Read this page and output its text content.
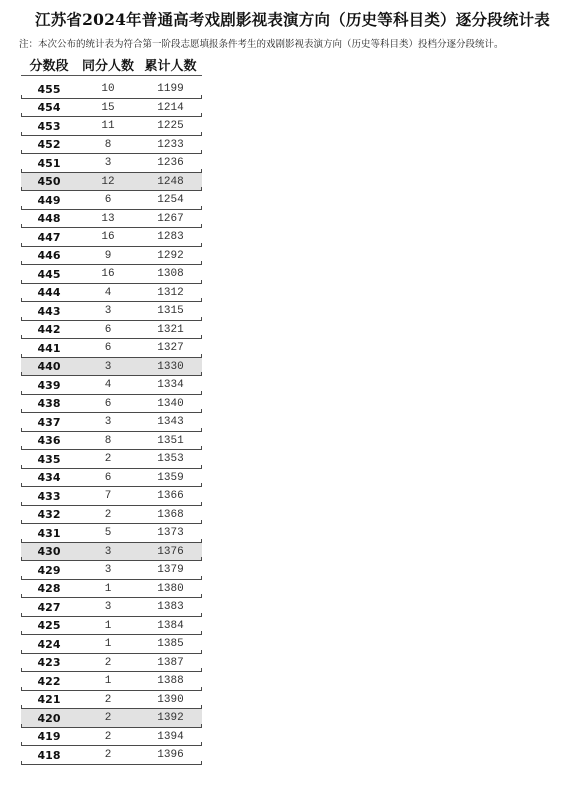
江苏省2024年普通高考戏剧影视表演方向（历史等科目类）逐分段统计表
注：本次公布的统计表为符合第一阶段志愿填报条件考生的戏剧影视表演方向（历史等科目类）投档分逐分段统计。
分数段	同分人数 累计人数
455	10	1199
454	15	1214
453	11	1225
452	8	1233
451	3	1236
450	12	1248
449	6	1254
448	13	1267
447	16	1283
446	9	1292
445	16	1308
444	4	1312
443	3	1315
442	6	1321
441	6	1327
440	3	1330
439	4	1334
438	6	1340
437	3	1343
436	8	1351
435	2	1353
434	6	1359
433	7	1366
432	2	1368
431	5	1373
430	3	1376
429	3	1379
428	1	1380
427	3	1383
425	1	1384
424	1	1385
423	2	1387
422	1	1388
421	2	1390
420	2	1392
419	2	1394
418	2	1396
